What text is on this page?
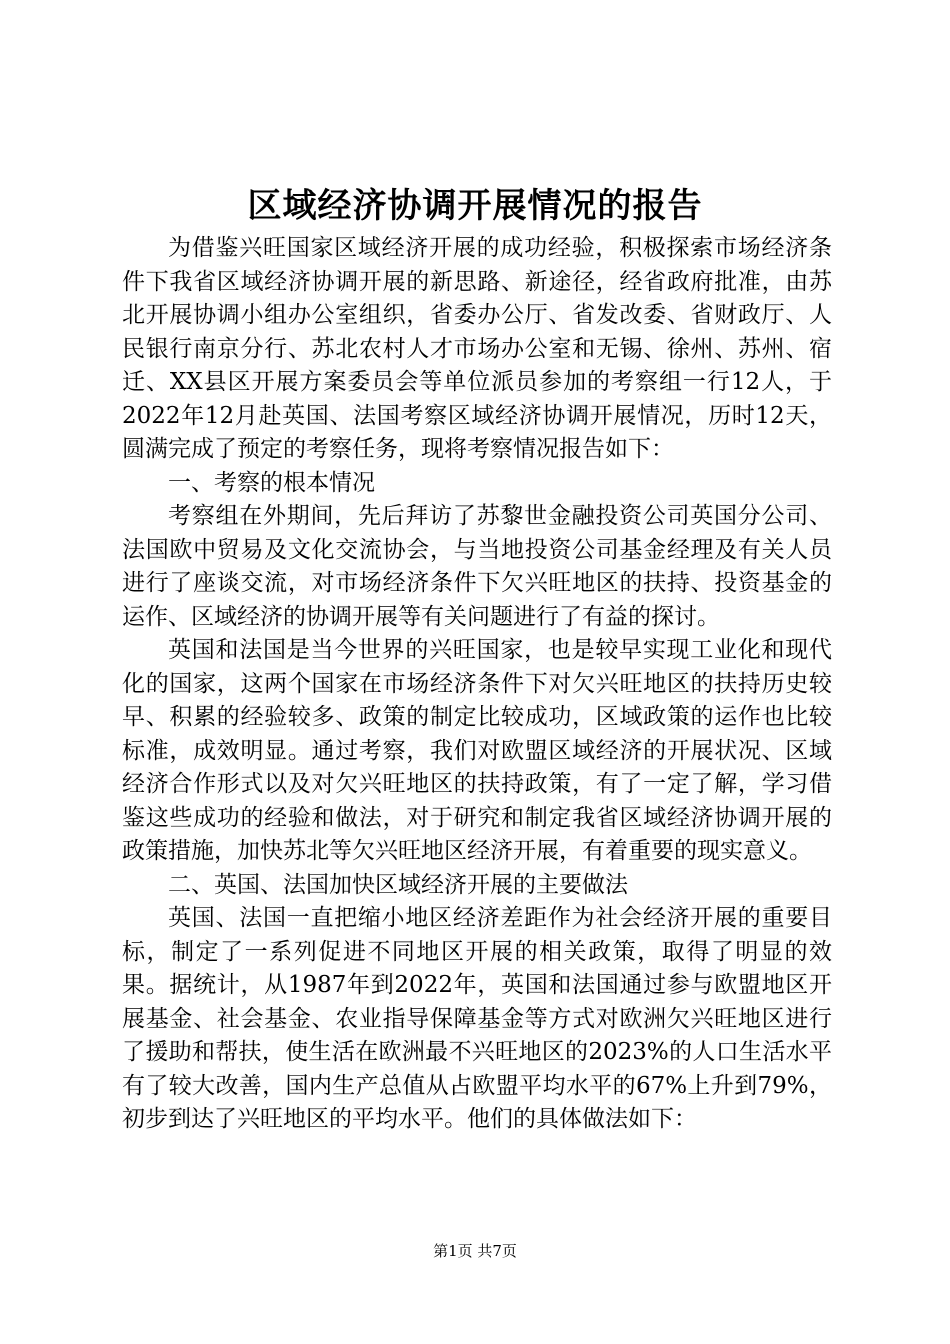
区域经济协调开展情况的报告

为借鉴兴旺国家区域经济开展的成功经验，积极探索市场经济条件下我省区域经济协调开展的新思路、新途径，经省政府批准，由苏北开展协调小组办公室组织，省委办公厅、省发改委、省财政厅、人民银行南京分行、苏北农村人才市场办公室和无锡、徐州、苏州、宿迁、XX县区开展方案委员会等单位派员参加的考察组一行12人，于2022年12月赴英国、法国考察区域经济协调开展情况，历时12天，圆满完成了预定的考察任务，现将考察情况报告如下：

一、考察的根本情况

考察组在外期间，先后拜访了苏黎世金融投资公司英国分公司、法国欧中贸易及文化交流协会，与当地投资公司基金经理及有关人员进行了座谈交流，对市场经济条件下欠兴旺地区的扶持、投资基金的运作、区域经济的协调开展等有关问题进行了有益的探讨。

英国和法国是当今世界的兴旺国家，也是较早实现工业化和现代化的国家，这两个国家在市场经济条件下对欠兴旺地区的扶持历史较早、积累的经验较多、政策的制定比较成功，区域政策的运作也比较标准，成效明显。通过考察，我们对欧盟区域经济的开展状况、区域经济合作形式以及对欠兴旺地区的扶持政策，有了一定了解，学习借鉴这些成功的经验和做法，对于研究和制定我省区域经济协调开展的政策措施，加快苏北等欠兴旺地区经济开展，有着重要的现实意义。

二、英国、法国加快区域经济开展的主要做法

英国、法国一直把缩小地区经济差距作为社会经济开展的重要目标，制定了一系列促进不同地区开展的相关政策，取得了明显的效果。据统计，从1987年到2022年，英国和法国通过参与欧盟地区开展基金、社会基金、农业指导保障基金等方式对欧洲欠兴旺地区进行了援助和帮扶，使生活在欧洲最不兴旺地区的2023%的人口生活水平有了较大改善，国内生产总值从占欧盟平均水平的67%上升到79%，初步到达了兴旺地区的平均水平。他们的具体做法如下：

第1页 共7页
